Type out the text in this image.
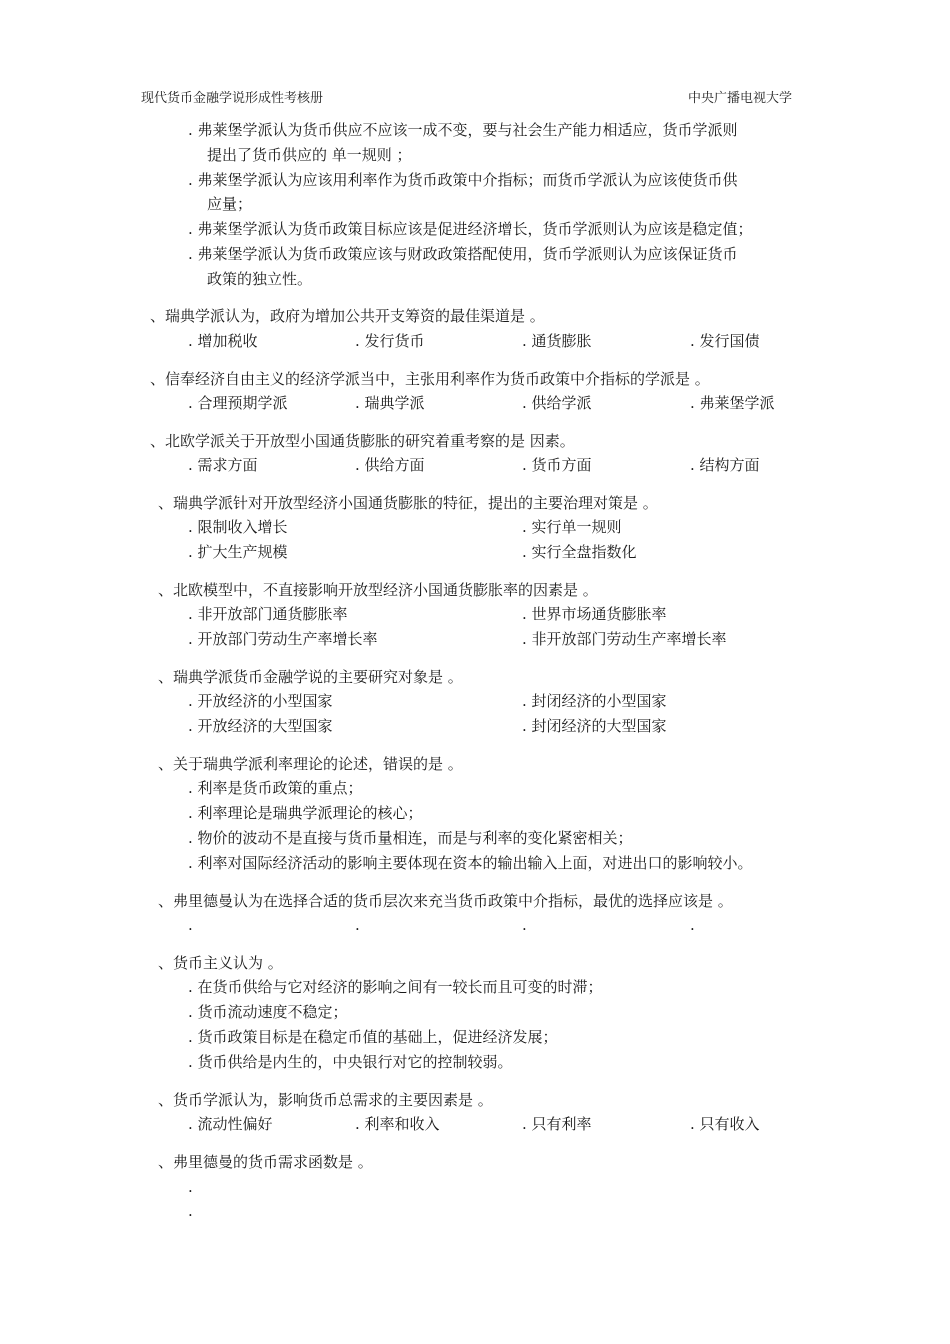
现代货币金融学说形成性考核册	中央广播电视大学
. 弗莱堡学派认为货币供应不应该一成不变，要与社会生产能力相适应，货币学派则
提出了货币供应的 单一规则 ；
. 弗莱堡学派认为应该用利率作为货币政策中介指标；而货币学派认为应该使货币供
应量；
. 弗莱堡学派认为货币政策目标应该是促进经济增长，货币学派则认为应该是稳定值；
. 弗莱堡学派认为货币政策应该与财政政策搭配使用，货币学派则认为应该保证货币
政策的独立性。
、瑞典学派认为，政府为增加公共开支筹资的最佳渠道是 。
. 增加税收	. 发行货币	. 通货膨胀	. 发行国债
、信奉经济自由主义的经济学派当中，主张用利率作为货币政策中介指标的学派是 。
. 合理预期学派	. 瑞典学派	. 供给学派	. 弗莱堡学派
、北欧学派关于开放型小国通货膨胀的研究着重考察的是 因素。
. 需求方面	. 供给方面	. 货币方面	. 结构方面
、瑞典学派针对开放型经济小国通货膨胀的特征，提出的主要治理对策是 。
. 限制收入增长	. 实行单一规则
. 扩大生产规模	. 实行全盘指数化
、北欧模型中，不直接影响开放型经济小国通货膨胀率的因素是 。
. 非开放部门通货膨胀率	. 世界市场通货膨胀率
. 开放部门劳动生产率增长率	. 非开放部门劳动生产率增长率
、瑞典学派货币金融学说的主要研究对象是 。
. 开放经济的小型国家	. 封闭经济的小型国家
. 开放经济的大型国家	. 封闭经济的大型国家
、关于瑞典学派利率理论的论述，错误的是 。
. 利率是货币政策的重点；
. 利率理论是瑞典学派理论的核心；
. 物价的波动不是直接与货币量相连，而是与利率的变化紧密相关；
. 利率对国际经济活动的影响主要体现在资本的输出输入上面，对进出口的影响较小。
、弗里德曼认为在选择合适的货币层次来充当货币政策中介指标，最优的选择应该是 。
.	.	.	.
、货币主义认为 。
. 在货币供给与它对经济的影响之间有一较长而且可变的时滞；
. 货币流动速度不稳定；
. 货币政策目标是在稳定币值的基础上，促进经济发展；
. 货币供给是内生的，中央银行对它的控制较弱。
、货币学派认为，影响货币总需求的主要因素是 。
. 流动性偏好	. 利率和收入	. 只有利率	. 只有收入
、弗里德曼的货币需求函数是 。
.
.
